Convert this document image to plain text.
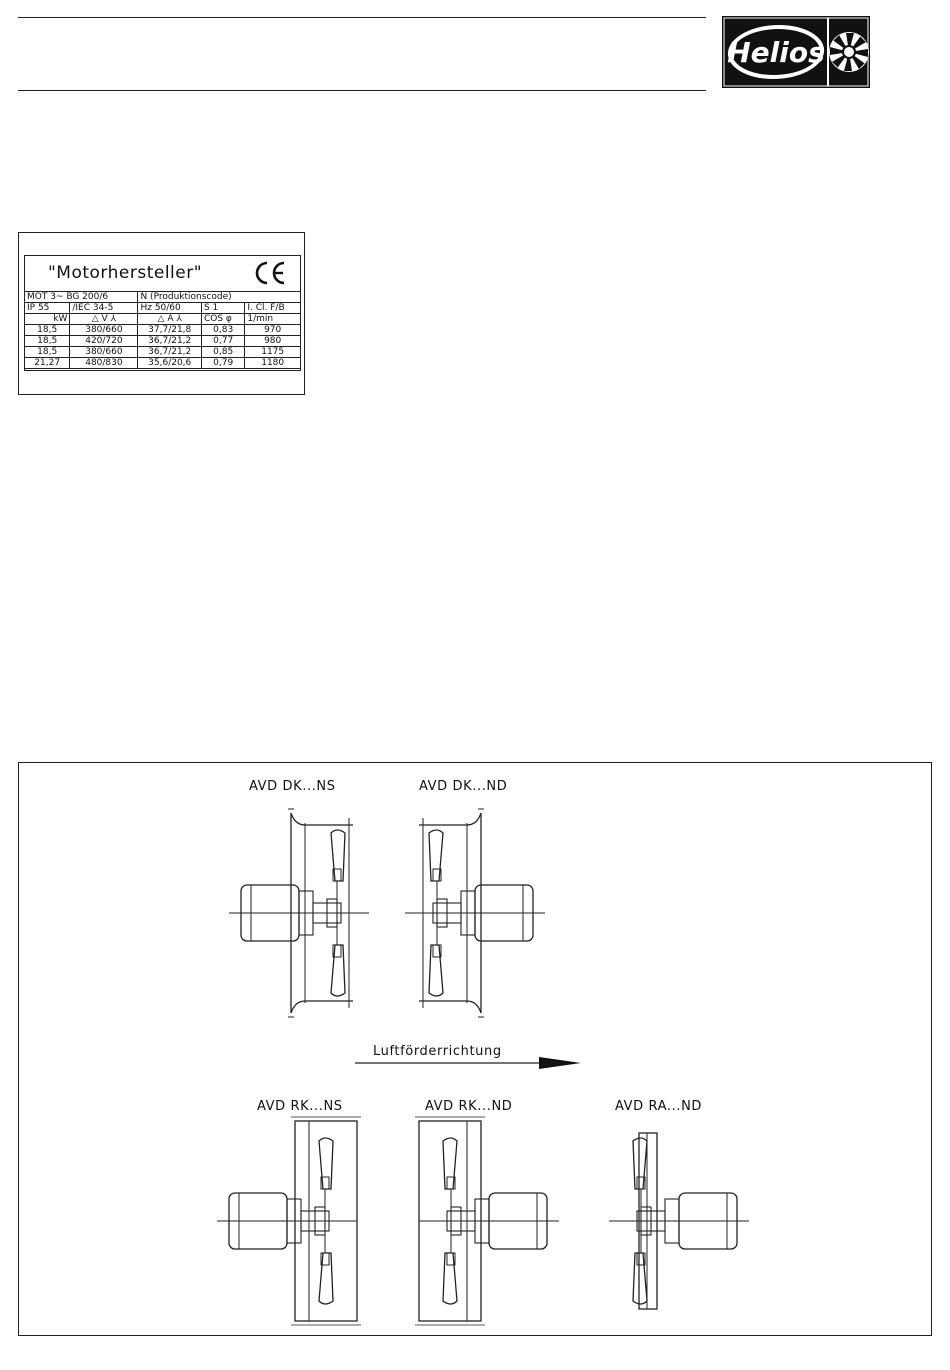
Helios
"Motorhersteller"
MOT 3~ BG 200/6		N (Produktionscode)		
IP 55	/IEC 34-5	Hz 50/60	S 1	I. Cl. F/B
kW	△ V ⅄	△ A ⅄	COS φ	1/min
18,5	380/660	37,7/21,8	0,83	970
18,5	420/720	36,7/21,2	0,77	980
18,5	380/660	36,7/21,2	0,85	1175
21,27	480/830	35,6/20,6	0,79	1180
AVD DK...NS	AVD DK...ND
AVD RK...NS	AVD RK...ND	AVD RA...ND
Luftförderrichtung
